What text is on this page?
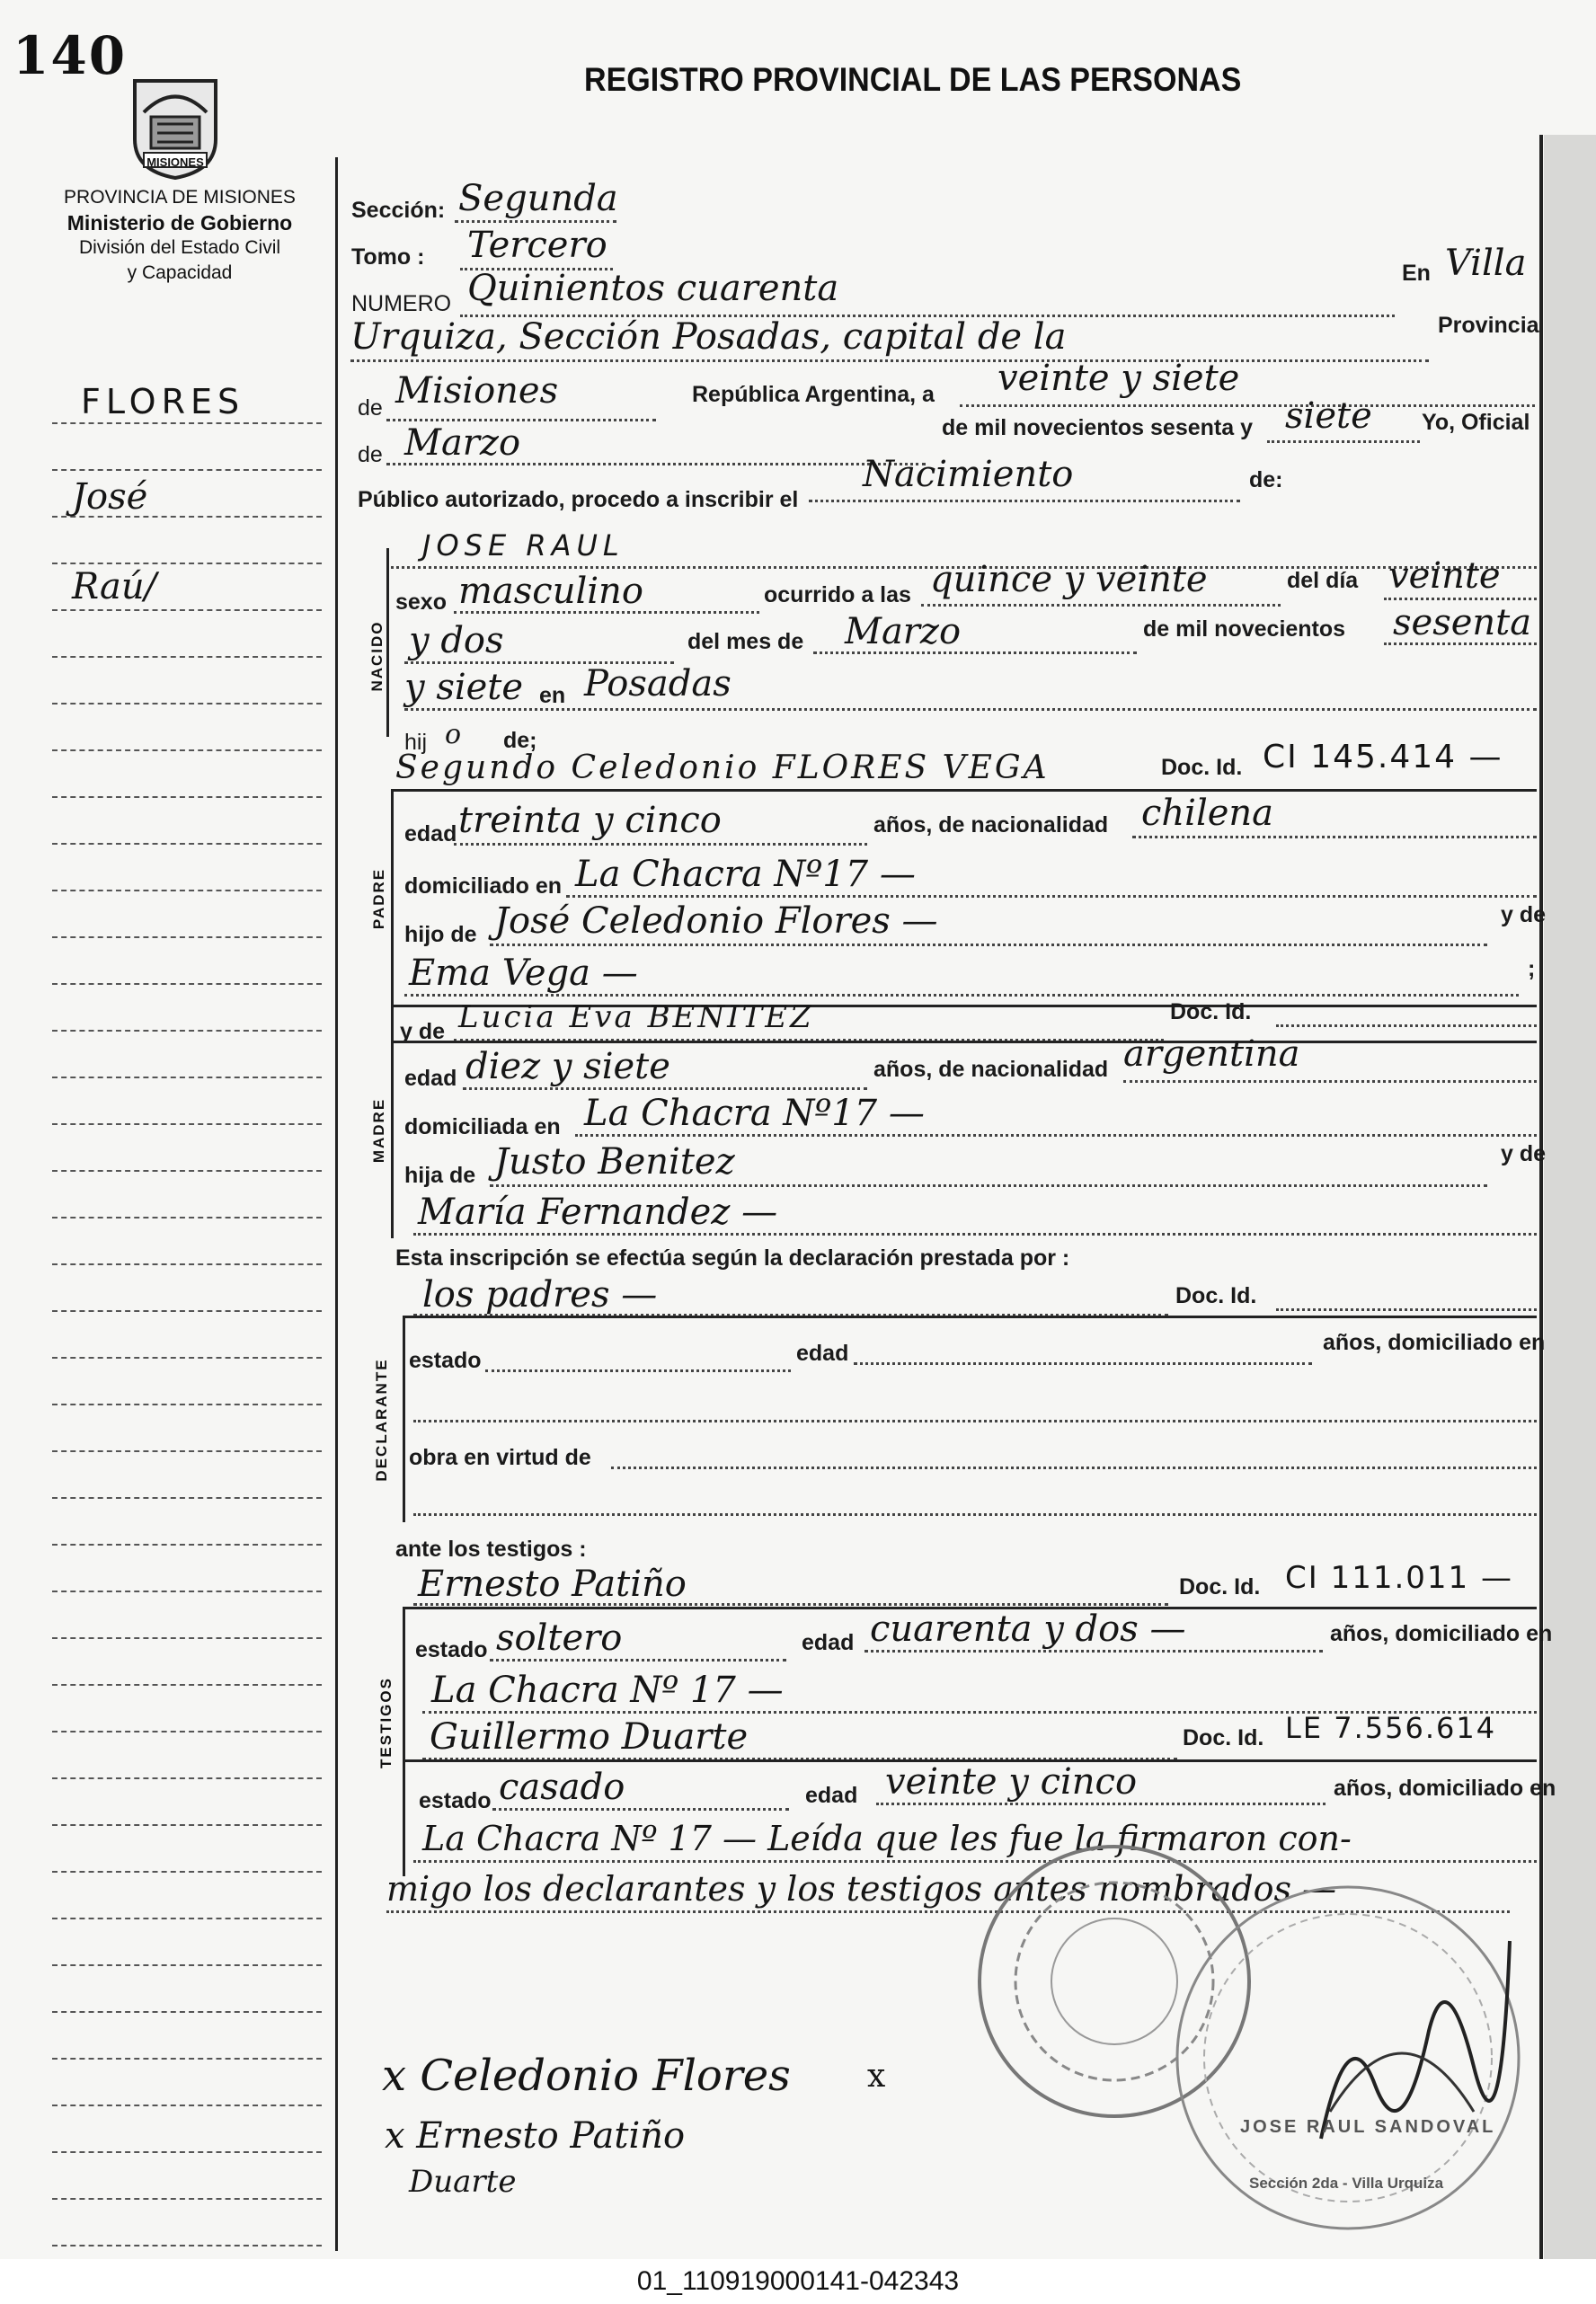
140
MISIONES
PROVINCIA DE MISIONES
Ministerio de Gobierno
División del Estado Civil
y Capacidad
REGISTRO PROVINCIAL DE LAS PERSONAS
FLORES
José
Raú/
Sección: Segunda
Tomo : Tercero
NUMERO Quinientos cuarenta	En Villa
Urquiza, Sección Posadas, capital de la	Provincia
de Misiones	República Argentina, a veinte y siete
de Marzo	de mil novecientos sesenta y siete Yo, Oficial
Público autorizado, procedo a inscribir el
Nacimiento	de:
JOSE RAUL
NACIDO
sexo masculino	ocurrido a las quince y veinte	del día veinte
y dos	del mes de Marzo	de mil novecientos sesenta
y siete en Posadas
hij o de;
Segundo Celedonio FLORES VEGA	Doc. Id. CI 145.414 —
PADRE
edad treinta y cinco	años, de nacionalidad chilena
domiciliado en La Chacra Nº17 —
hijo de José Celedonio Flores —	y de
Ema Vega —	;
y de Lucia Eva BENITEZ	Doc. Id.
MADRE
edad diez y siete	años, de nacionalidad argentina
domiciliada en La Chacra Nº17 —
hija de Justo Benitez	y de
María Fernandez —
Esta inscripción se efectúa según la declaración prestada por :
los padres —	Doc. Id.
DECLARANTE estado	edad	años, domiciliado en
obra en virtud de
ante los testigos :
Ernesto Patiño	Doc. Id. CI 111.011 —
TESTIGOS
estado soltero	edad cuarenta y dos —	años, domiciliado en
La Chacra Nº 17 —
Guillermo Duarte	Doc. Id. LE 7.556.614
estado casado	edad veinte y cinco	años, domiciliado en
La Chacra Nº 17 — Leída que les fue la firmaron con-
migo los declarantes y los testigos antes nombrados —
x Celedonio Flores x
x Ernesto Patiño
Duarte
JOSE RAUL SANDOVAL
Sección 2da - Villa Urquiza
01_110919000141-042343
